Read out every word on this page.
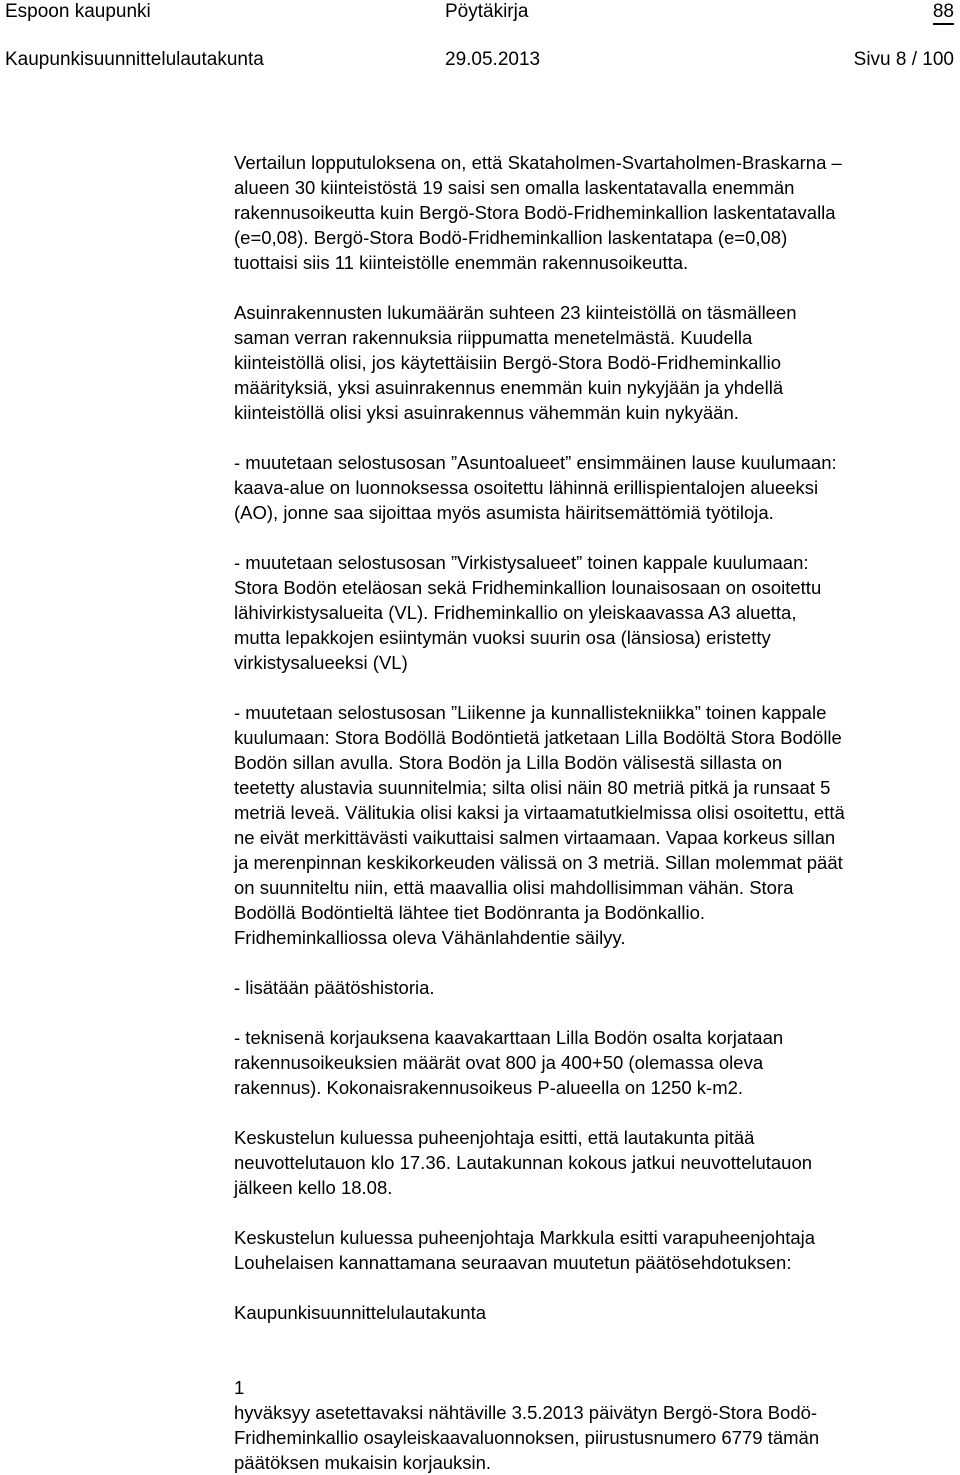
Espoon kaupunki	Pöytäkirja	88
Kaupunkisuunnittelulautakunta	29.05.2013	Sivu 8 / 100

Vertailun lopputuloksena on, että Skataholmen-Svartaholmen-Braskarna –
alueen 30 kiinteistöstä 19 saisi sen omalla laskentatavalla enemmän
rakennusoikeutta kuin Bergö-Stora Bodö-Fridheminkallion laskentatavalla
(e=0,08). Bergö-Stora Bodö-Fridheminkallion laskentatapa (e=0,08)
tuottaisi siis 11 kiinteistölle enemmän rakennusoikeutta.

Asuinrakennusten lukumäärän suhteen 23 kiinteistöllä on täsmälleen
saman verran rakennuksia riippumatta menetelmästä. Kuudella
kiinteistöllä olisi, jos käytettäisiin Bergö-Stora Bodö-Fridheminkallio
määrityksiä, yksi asuinrakennus enemmän kuin nykyjään ja yhdellä
kiinteistöllä olisi yksi asuinrakennus vähemmän kuin nykyään.

- muutetaan selostusosan ”Asuntoalueet” ensimmäinen lause kuulumaan:
kaava-alue on luonnoksessa osoitettu lähinnä erillispientalojen alueeksi
(AO), jonne saa sijoittaa myös asumista häiritsemättömiä työtiloja.

- muutetaan selostusosan ”Virkistysalueet” toinen kappale kuulumaan:
Stora Bodön eteläosan sekä Fridheminkallion lounaisosaan on osoitettu
lähivirkistysalueita (VL). Fridheminkallio on yleiskaavassa A3 aluetta,
mutta lepakkojen esiintymän vuoksi suurin osa (länsiosa) eristetty
virkistysalueeksi (VL)

- muutetaan selostusosan ”Liikenne ja kunnallistekniikka” toinen kappale
kuulumaan: Stora Bodöllä Bodöntietä jatketaan Lilla Bodöltä Stora Bodölle
Bodön sillan avulla. Stora Bodön ja Lilla Bodön välisestä sillasta on
teetetty alustavia suunnitelmia; silta olisi näin 80 metriä pitkä ja runsaat 5
metriä leveä. Välitukia olisi kaksi ja virtaamatutkielmissa olisi osoitettu, että
ne eivät merkittävästi vaikuttaisi salmen virtaamaan. Vapaa korkeus sillan
ja merenpinnan keskikorkeuden välissä on 3 metriä. Sillan molemmat päät
on suunniteltu niin, että maavallia olisi mahdollisimman vähän. Stora
Bodöllä Bodöntieltä lähtee tiet Bodönranta ja Bodönkallio.
Fridheminkalliossa oleva Vähänlahdentie säilyy.

- lisätään päätöshistoria.

- teknisenä korjauksena kaavakarttaan Lilla Bodön osalta korjataan
rakennusoikeuksien määrät ovat 800 ja 400+50 (olemassa oleva
rakennus). Kokonaisrakennusoikeus P-alueella on 1250 k-m2.

Keskustelun kuluessa puheenjohtaja esitti, että lautakunta pitää
neuvottelutauon klo 17.36. Lautakunnan kokous jatkui neuvottelutauon
jälkeen kello 18.08.

Keskustelun kuluessa puheenjohtaja Markkula esitti varapuheenjohtaja
Louhelaisen kannattamana seuraavan muutetun päätösehdotuksen:

Kaupunkisuunnittelulautakunta

1

hyväksyy asetettavaksi nähtäville 3.5.2013 päivätyn Bergö-Stora Bodö-
Fridheminkallio osayleiskaavaluonnoksen, piirustusnumero 6779 tämän
päätöksen mukaisin korjauksin.
